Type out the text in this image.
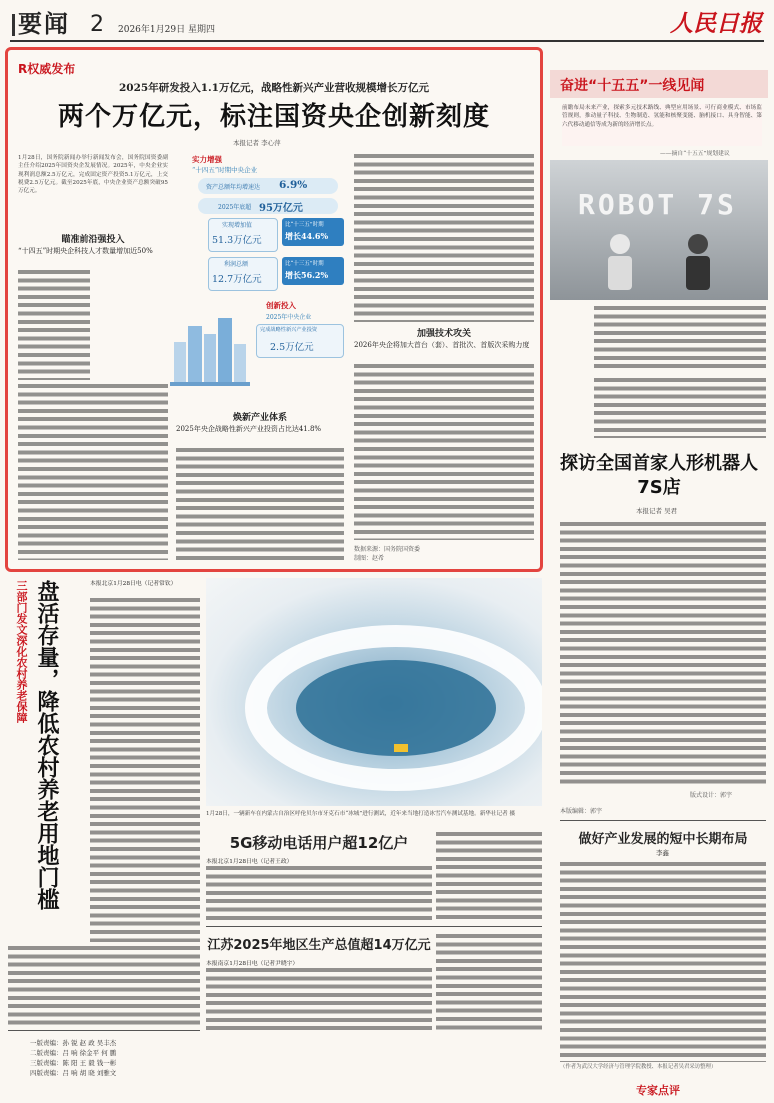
要闻 2 2026年1月29日 星期四	人民日报
R权威发布
2025年研发投入1.1万亿元，战略性新兴产业营收规模增长万亿元
两个万亿元，标注国资央企创新刻度
本报记者 李心萍
1月28日，国务院新闻办举行新闻发布会，国务院国资委副主任介绍2025年国资央企发展情况。2025年，中央企业实现利润总额2.5万亿元，完成固定资产投资5.1万亿元，上交税费2.5万亿元。截至2025年底，中央企业资产总额突破95万亿元。
瞄准前沿强投入
“十四五”时期央企科技人才数量增加近50%
实力增强
“十四五”时期中央企业
资产总额年均增速达 6.9%
2025年底超 95万亿元
实现增加值
51.3万亿元
比“十三五”时期
增长44.6%
利润总额
12.7万亿元
比“十三五”时期
增长56.2%
创新投入
2025年中央企业
完成战略性新兴产业投资
2.5万亿元
焕新产业体系
2025年央企战略性新兴产业投资占比达41.8%
加强技术攻关
2026年央企将加大首台（套）、首批次、首版次采购力度
数据来源：国务院国资委
制图：赵希
奋进“十五五”一线见闻
前瞻布局未来产业，探索多元技术路线、典型应用场景、可行商业模式、市场监管规则，推动量子科技、生物制造、氢能和核聚变能、脑机接口、具身智能、第六代移动通信等成为新的经济增长点。
——摘自“十五五”规划建议
ROBOT 7S
探访全国首家人形机器人7S店
本报记者 吴君
版式设计：郭宇
本版编辑：郭宇
做好产业发展的短中长期布局
李鑫
（作者为武汉大学经济与管理学院教授、本报记者吴君采访整理）
专家点评
三部门发文深化农村养老保障 盘活存量，降低农村养老用地门槛	本报北京1月28日电（记者常钦）
1月28日，一辆新车在内蒙古自治区呼伦贝尔市牙克石市“冰城”进行测试，近年来当地打造冰雪汽车测试基地。新华社记者 摄
5G移动电话用户超12亿户
本报北京1月28日电（记者王政）
江苏2025年地区生产总值超14万亿元
本报南京1月28日电（记者尹晓宇）
一版责编：孙 锐 赵 政 吴丰杰
二版责编：吕 响 徐金平 何 鹏
三版责编：陈 阳 王 毅 钱一彬
四版责编：吕 响 胡 晓 刘雅文
